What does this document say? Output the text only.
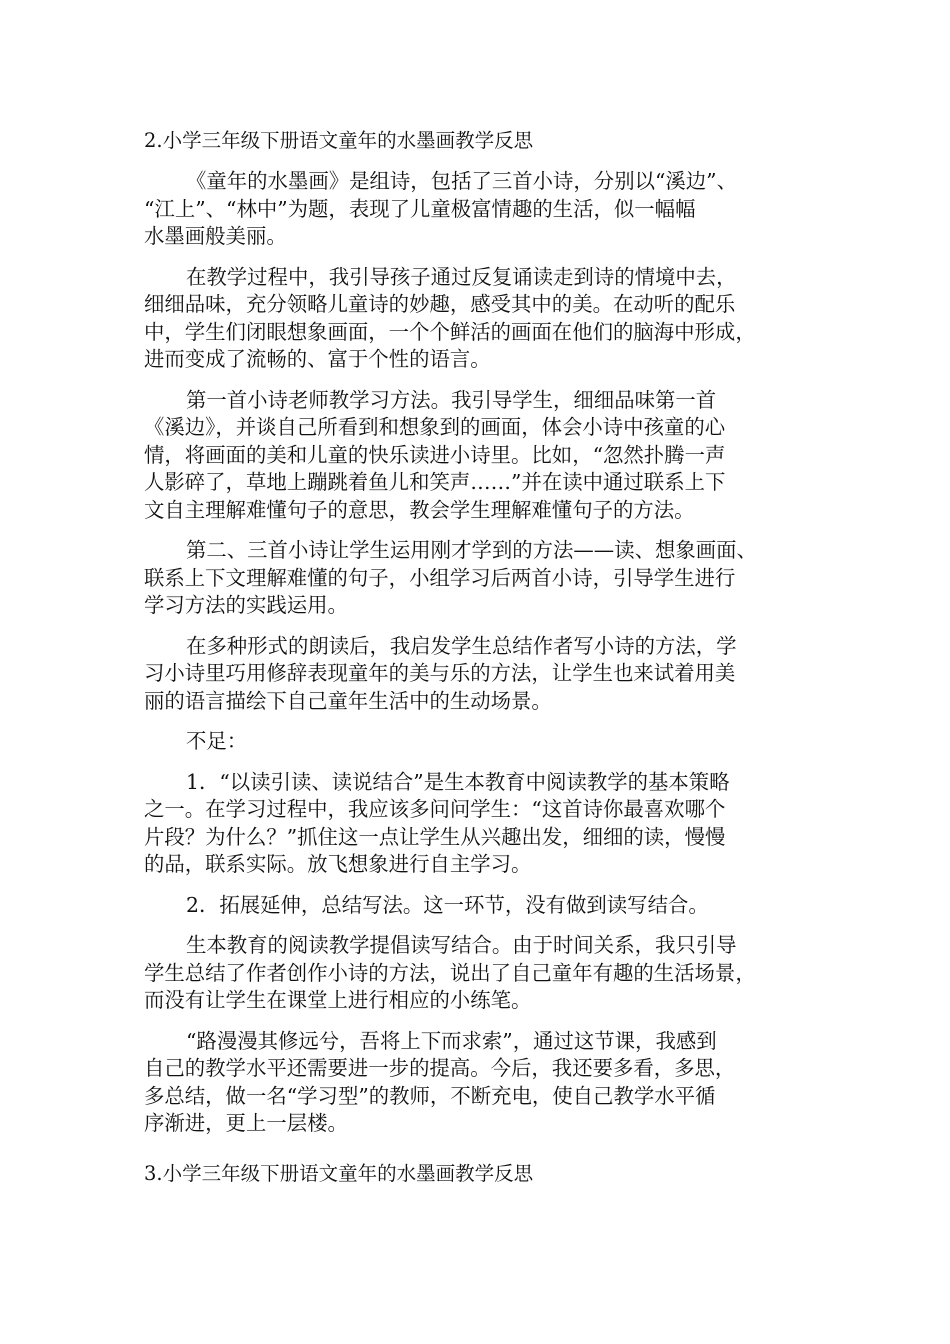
2.小学三年级下册语文童年的水墨画教学反思
《童年的水墨画》是组诗，包括了三首小诗，分别以“溪边”、
“江上”、“林中”为题，表现了儿童极富情趣的生活，似一幅幅
水墨画般美丽。
在教学过程中，我引导孩子通过反复诵读走到诗的情境中去，
细细品味，充分领略儿童诗的妙趣，感受其中的美。在动听的配乐
中，学生们闭眼想象画面，一个个鲜活的画面在他们的脑海中形成，
进而变成了流畅的、富于个性的语言。
第一首小诗老师教学习方法。我引导学生，细细品味第一首
《溪边》，并谈自己所看到和想象到的画面，体会小诗中孩童的心
情，将画面的美和儿童的快乐读进小诗里。比如，“忽然扑腾一声
人影碎了，草地上蹦跳着鱼儿和笑声……”并在读中通过联系上下
文自主理解难懂句子的意思，教会学生理解难懂句子的方法。
第二、三首小诗让学生运用刚才学到的方法——读、想象画面、
联系上下文理解难懂的句子，小组学习后两首小诗，引导学生进行
学习方法的实践运用。
在多种形式的朗读后，我启发学生总结作者写小诗的方法，学
习小诗里巧用修辞表现童年的美与乐的方法，让学生也来试着用美
丽的语言描绘下自己童年生活中的生动场景。
不足：
1．“以读引读、读说结合”是生本教育中阅读教学的基本策略
之一。在学习过程中，我应该多问问学生：“这首诗你最喜欢哪个
片段？为什么？”抓住这一点让学生从兴趣出发，细细的读，慢慢
的品，联系实际。放飞想象进行自主学习。
2．拓展延伸，总结写法。这一环节，没有做到读写结合。
生本教育的阅读教学提倡读写结合。由于时间关系，我只引导
学生总结了作者创作小诗的方法，说出了自己童年有趣的生活场景，
而没有让学生在课堂上进行相应的小练笔。
“路漫漫其修远兮，吾将上下而求索”，通过这节课，我感到
自己的教学水平还需要进一步的提高。今后，我还要多看，多思，
多总结，做一名“学习型”的教师，不断充电，使自己教学水平循
序渐进，更上一层楼。
3.小学三年级下册语文童年的水墨画教学反思
